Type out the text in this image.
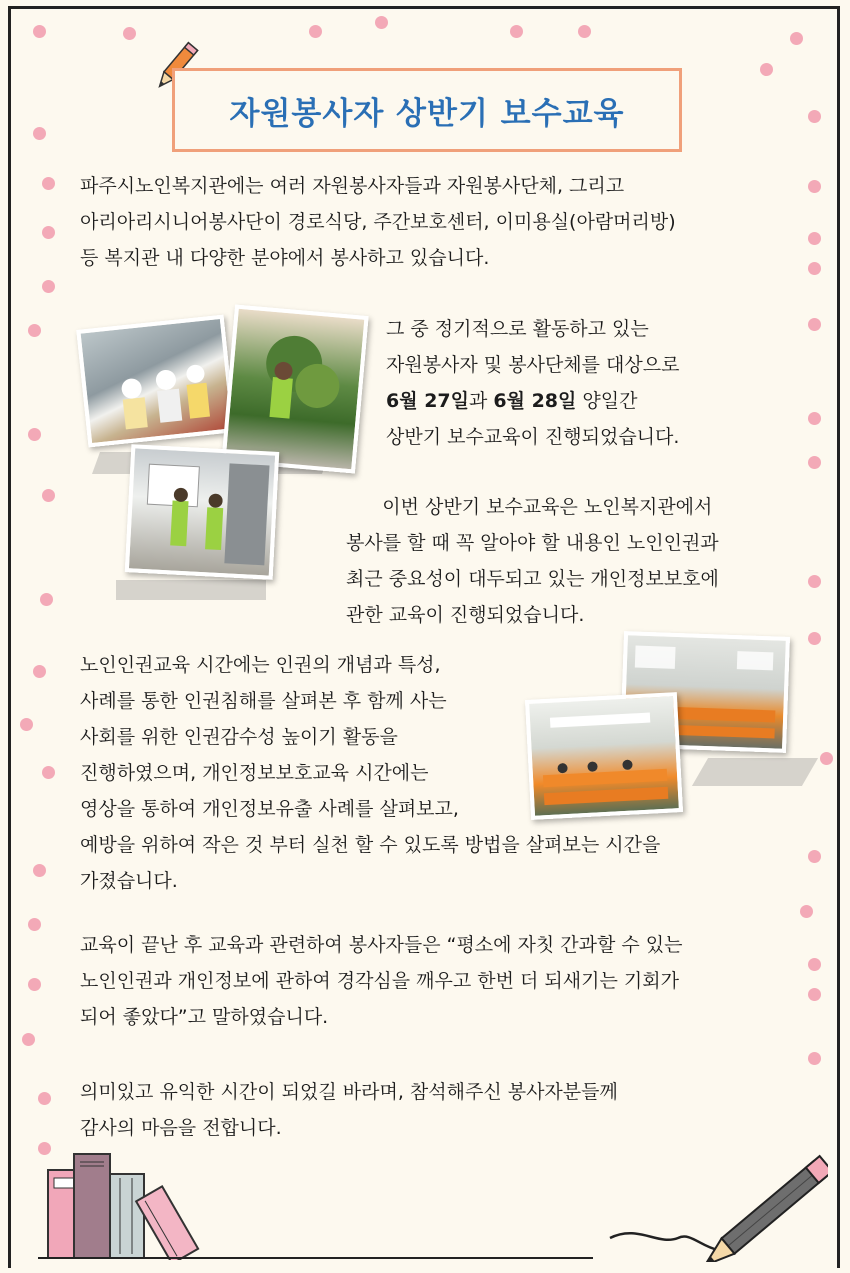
자원봉사자 상반기 보수교육
파주시노인복지관에는 여러 자원봉사자들과 자원봉사단체, 그리고
아리아리시니어봉사단이 경로식당, 주간보호센터, 이미용실(아람머리방)
등 복지관 내 다양한 분야에서 봉사하고 있습니다.
그 중 정기적으로 활동하고 있는
자원봉사자 및 봉사단체를 대상으로
6월 27일과 6월 28일 양일간
상반기 보수교육이 진행되었습니다.
이번 상반기 보수교육은 노인복지관에서
봉사를 할 때 꼭 알아야 할 내용인 노인인권과
최근 중요성이 대두되고 있는 개인정보보호에
관한 교육이 진행되었습니다.
노인인권교육 시간에는 인권의 개념과 특성,
사례를 통한 인권침해를 살펴본 후 함께 사는
사회를 위한 인권감수성 높이기 활동을
진행하였으며, 개인정보보호교육 시간에는
영상을 통하여 개인정보유출 사례를 살펴보고,
예방을 위하여 작은 것 부터 실천 할 수 있도록 방법을 살펴보는 시간을
가졌습니다.
교육이 끝난 후 교육과 관련하여 봉사자들은 “평소에 자칫 간과할 수 있는
노인인권과 개인정보에 관하여 경각심을 깨우고 한번 더 되새기는 기회가
되어 좋았다”고 말하였습니다.
의미있고 유익한 시간이 되었길 바라며, 참석해주신 봉사자분들께
감사의 마음을 전합니다.
